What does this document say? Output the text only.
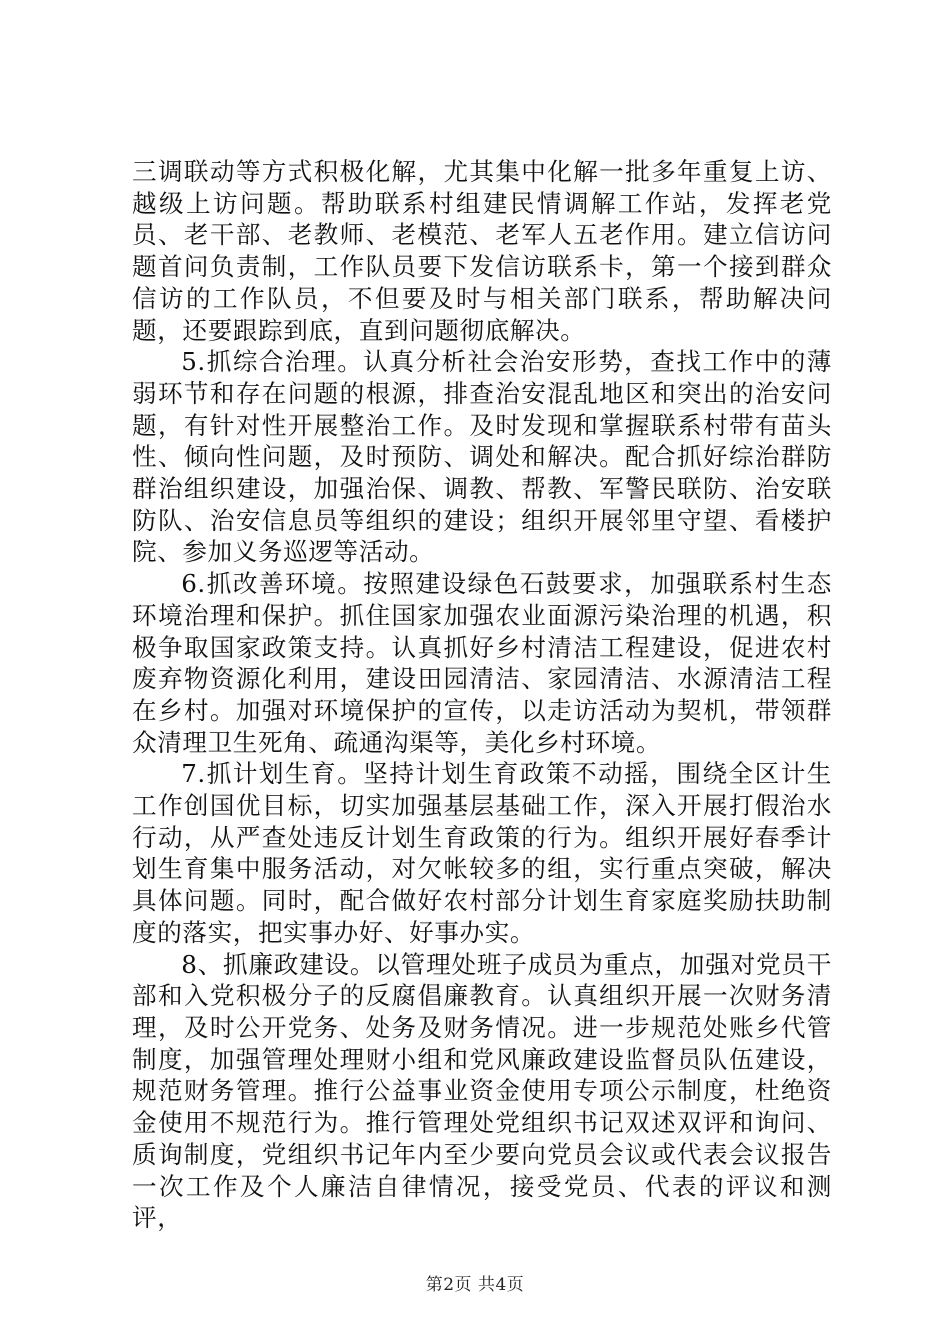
三调联动等方式积极化解，尤其集中化解一批多年重复上访、越级上访问题。帮助联系村组建民情调解工作站，发挥老党员、老干部、老教师、老模范、老军人五老作用。建立信访问题首问负责制，工作队员要下发信访联系卡，第一个接到群众信访的工作队员，不但要及时与相关部门联系，帮助解决问题，还要跟踪到底，直到问题彻底解决。

5.抓综合治理。认真分析社会治安形势，查找工作中的薄弱环节和存在问题的根源，排查治安混乱地区和突出的治安问题，有针对性开展整治工作。及时发现和掌握联系村带有苗头性、倾向性问题，及时预防、调处和解决。配合抓好综治群防群治组织建设，加强治保、调教、帮教、军警民联防、治安联防队、治安信息员等组织的建设；组织开展邻里守望、看楼护院、参加义务巡逻等活动。

6.抓改善环境。按照建设绿色石鼓要求，加强联系村生态环境治理和保护。抓住国家加强农业面源污染治理的机遇，积极争取国家政策支持。认真抓好乡村清洁工程建设，促进农村废弃物资源化利用，建设田园清洁、家园清洁、水源清洁工程在乡村。加强对环境保护的宣传，以走访活动为契机，带领群众清理卫生死角、疏通沟渠等，美化乡村环境。

7.抓计划生育。坚持计划生育政策不动摇，围绕全区计生工作创国优目标，切实加强基层基础工作，深入开展打假治水行动，从严查处违反计划生育政策的行为。组织开展好春季计划生育集中服务活动，对欠帐较多的组，实行重点突破，解决具体问题。同时，配合做好农村部分计划生育家庭奖励扶助制度的落实，把实事办好、好事办实。

8、抓廉政建设。以管理处班子成员为重点，加强对党员干部和入党积极分子的反腐倡廉教育。认真组织开展一次财务清理，及时公开党务、处务及财务情况。进一步规范处账乡代管制度，加强管理处理财小组和党风廉政建设监督员队伍建设，规范财务管理。推行公益事业资金使用专项公示制度，杜绝资金使用不规范行为。推行管理处党组织书记双述双评和询问、质询制度，党组织书记年内至少要向党员会议或代表会议报告一次工作及个人廉洁自律情况，接受党员、代表的评议和测评，

第2页 共4页
